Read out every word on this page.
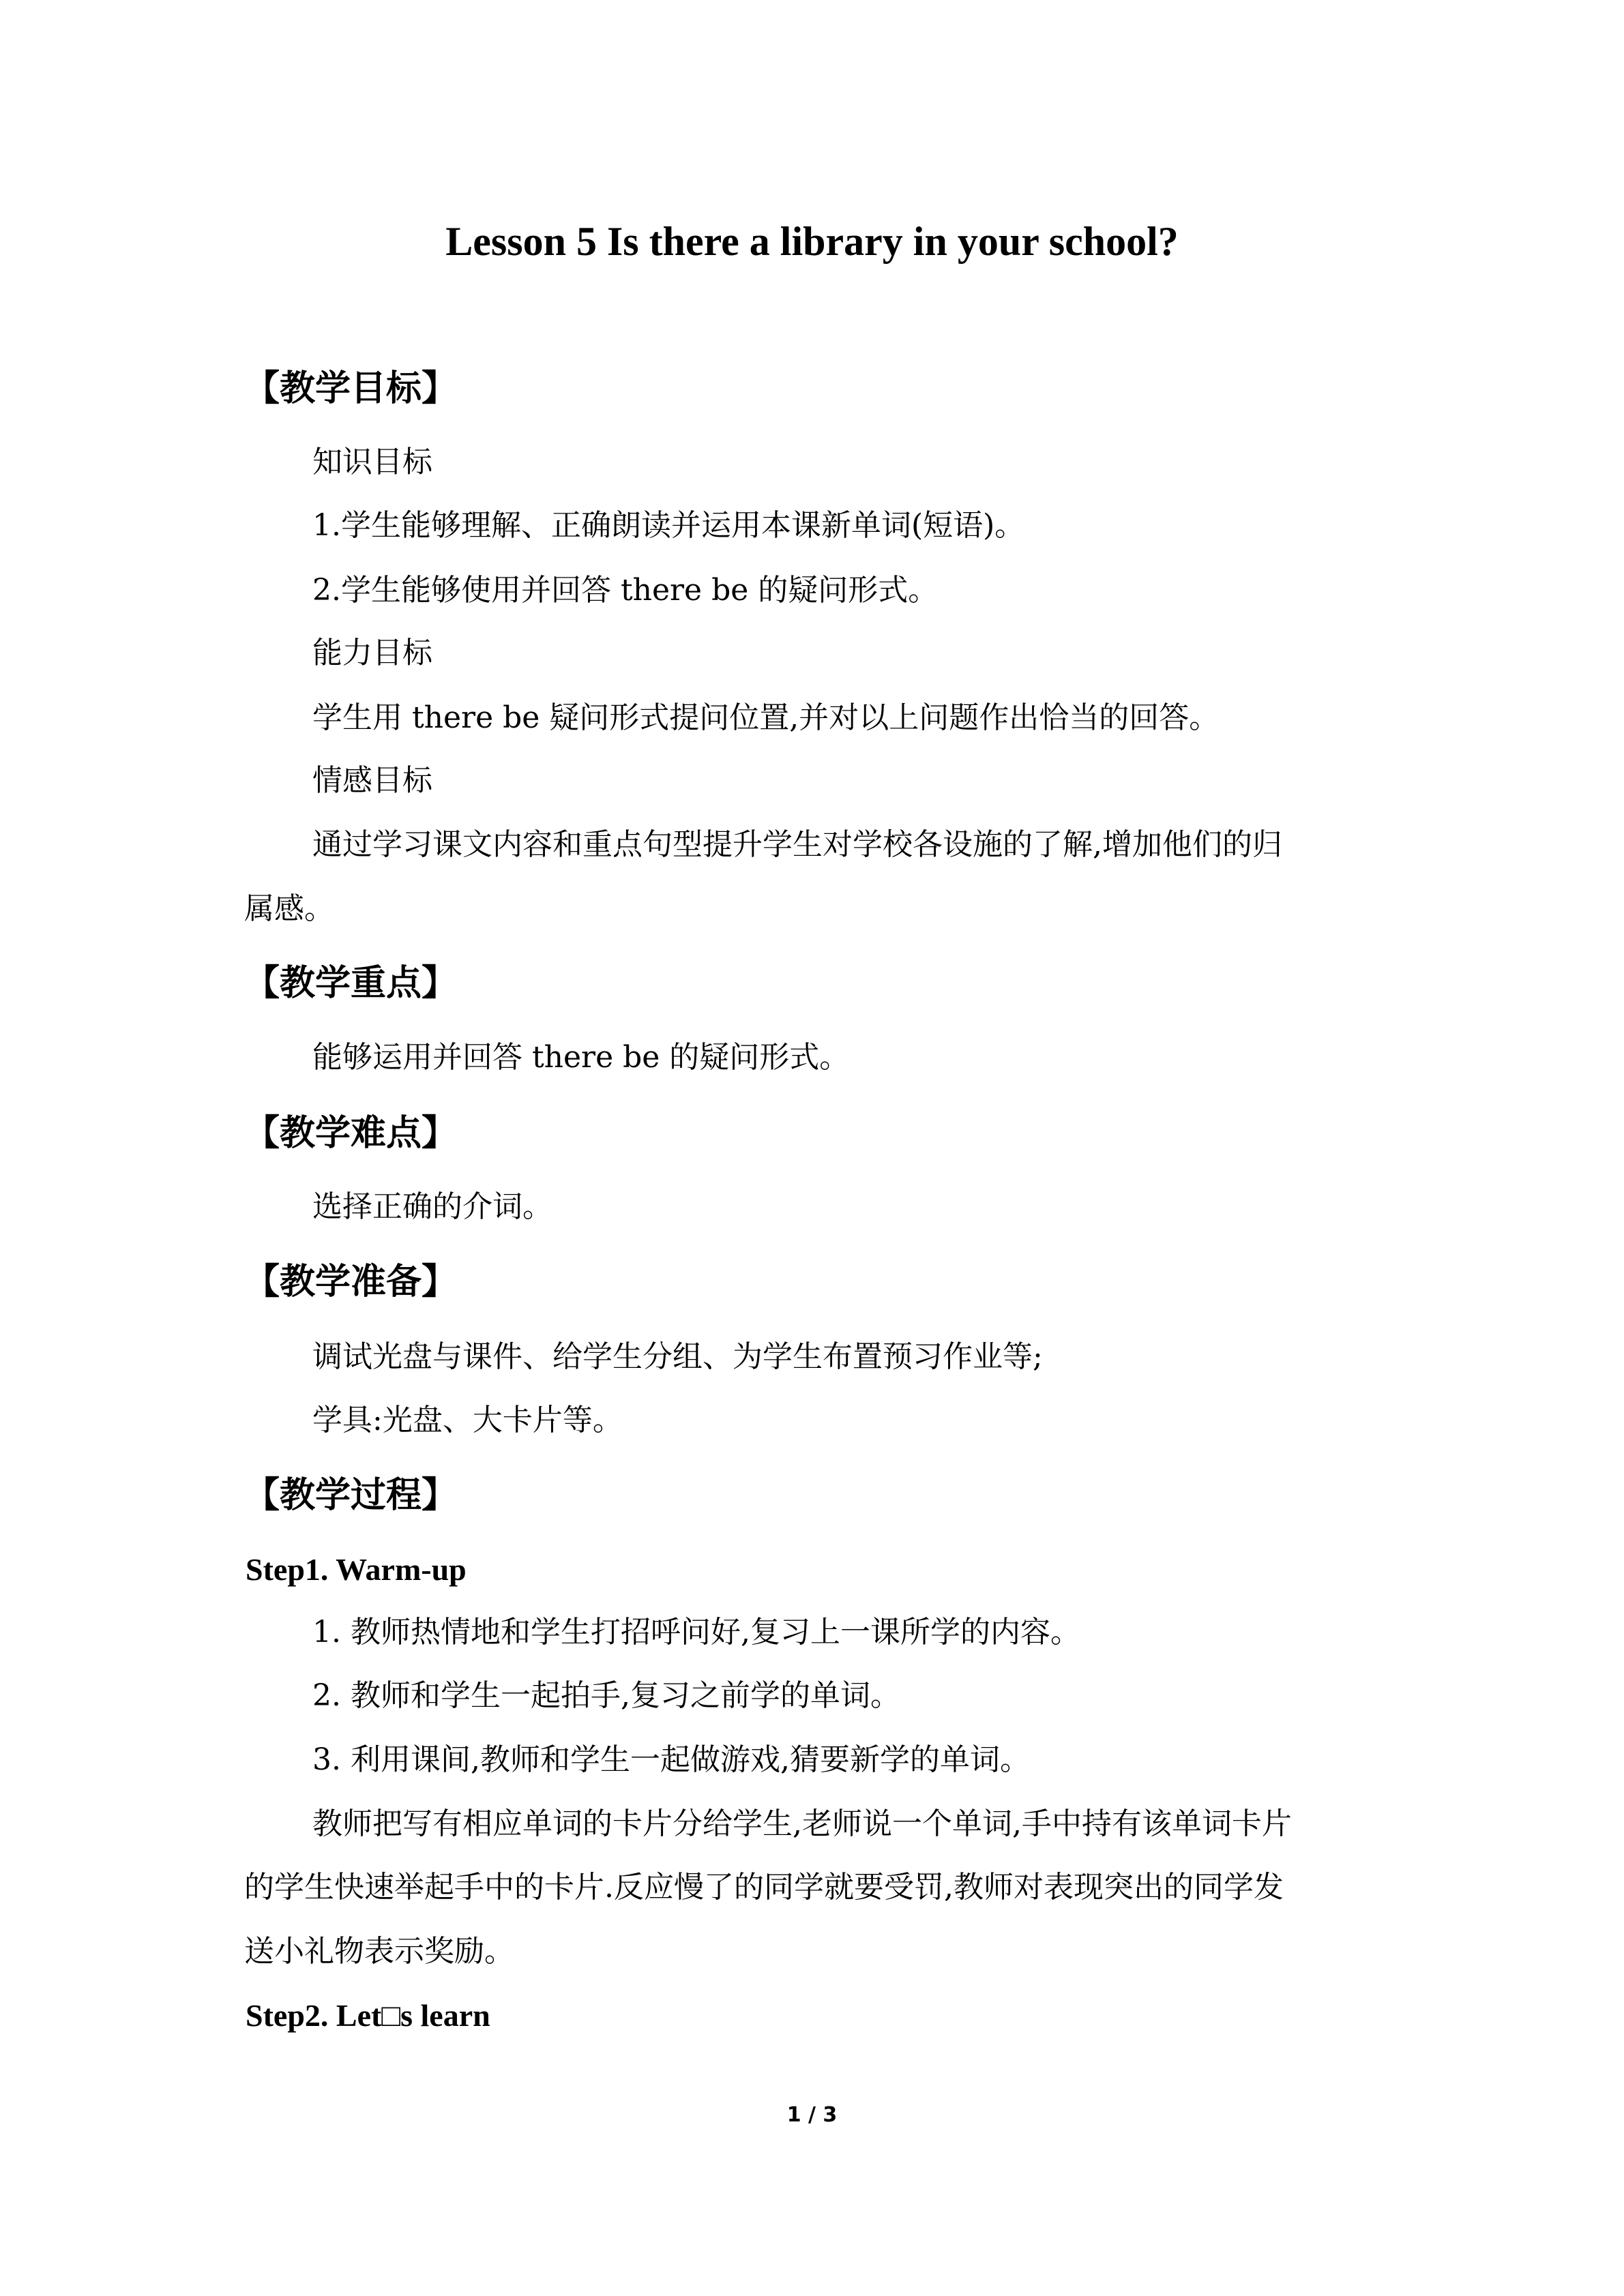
Lesson 5 Is there a library in your school?
【教学目标】
知识目标
1.学生能够理解、正确朗读并运用本课新单词(短语)。
2.学生能够使用并回答 there be 的疑问形式。
能力目标
学生用 there be 疑问形式提问位置,并对以上问题作出恰当的回答。
情感目标
通过学习课文内容和重点句型提升学生对学校各设施的了解,增加他们的归
属感。
【教学重点】
能够运用并回答 there be 的疑问形式。
【教学难点】
选择正确的介词。
【教学准备】
调试光盘与课件、给学生分组、为学生布置预习作业等;
学具:光盘、大卡片等。
【教学过程】
Step1. Warm-up
1. 教师热情地和学生打招呼问好,复习上一课所学的内容。
2. 教师和学生一起拍手,复习之前学的单词。
3. 利用课间,教师和学生一起做游戏,猜要新学的单词。
教师把写有相应单词的卡片分给学生,老师说一个单词,手中持有该单词卡片
的学生快速举起手中的卡片.反应慢了的同学就要受罚,教师对表现突出的同学发
送小礼物表示奖励。
Step2. Let□s learn
1 / 3
